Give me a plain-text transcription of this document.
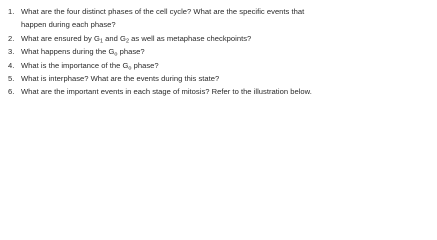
1. What are the four distinct phases of the cell cycle? What are the specific events that
happen during each phase?
2. What are ensured by $G_1$ and $G_2$ as well as metaphase checkpoints?
3. What happens during the $G_o$ phase?
4. What is the importance of the $G_o$ phase?
5. What is interphase? What are the events during this state?
6. What are the important events in each stage of mitosis? Refer to the illustration below.
